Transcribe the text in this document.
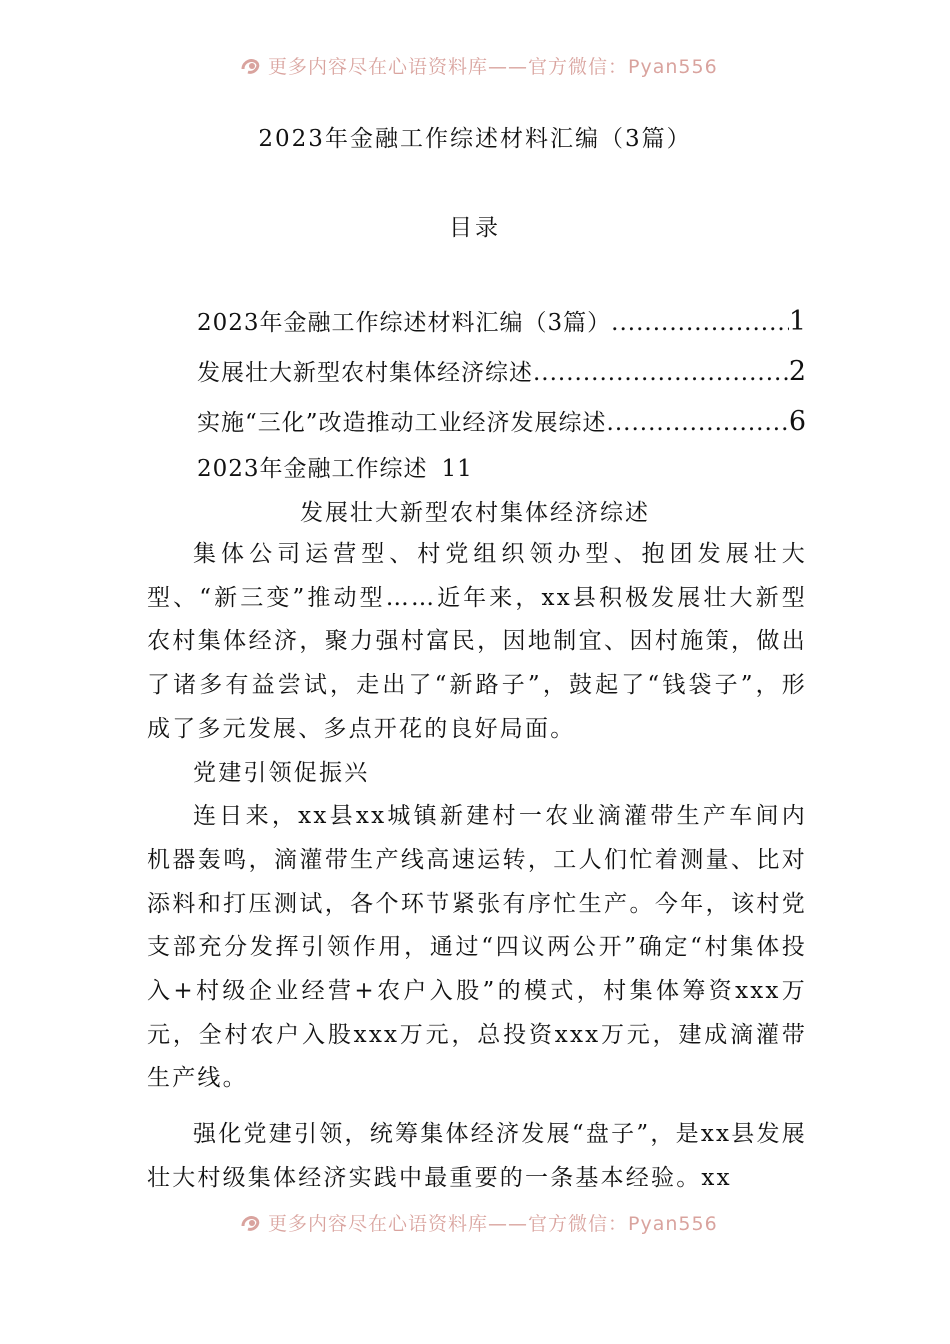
更多内容尽在心语资料库——官方微信：Pyan556
2023年金融工作综述材料汇编（3篇）
目录
2023年金融工作综述材料汇编（3篇） .....	1
发展壮大新型农村集体经济综述 .....	2
实施“三化”改造推动工业经济发展综述 .....	6
2023年金融工作综述 11
发展壮大新型农村集体经济综述

集体公司运营型、村党组织领办型、抱团发展壮大型、“新三变”推动型……近年来，xx县积极发展壮大新型农村集体经济，聚力强村富民，因地制宜、因村施策，做出了诸多有益尝试，走出了“新路子”，鼓起了“钱袋子”，形成了多元发展、多点开花的良好局面。

党建引领促振兴

连日来，xx县xx城镇新建村一农业滴灌带生产车间内机器轰鸣，滴灌带生产线高速运转，工人们忙着测量、比对添料和打压测试，各个环节紧张有序忙生产。今年，该村党支部充分发挥引领作用，通过“四议两公开”确定“村集体投入+村级企业经营+农户入股”的模式，村集体筹资xxx万元，全村农户入股xxx万元，总投资xxx万元，建成滴灌带生产线。

强化党建引领，统筹集体经济发展“盘子”，是xx县发展壮大村级集体经济实践中最重要的一条基本经验。xx

更多内容尽在心语资料库——官方微信：Pyan556
